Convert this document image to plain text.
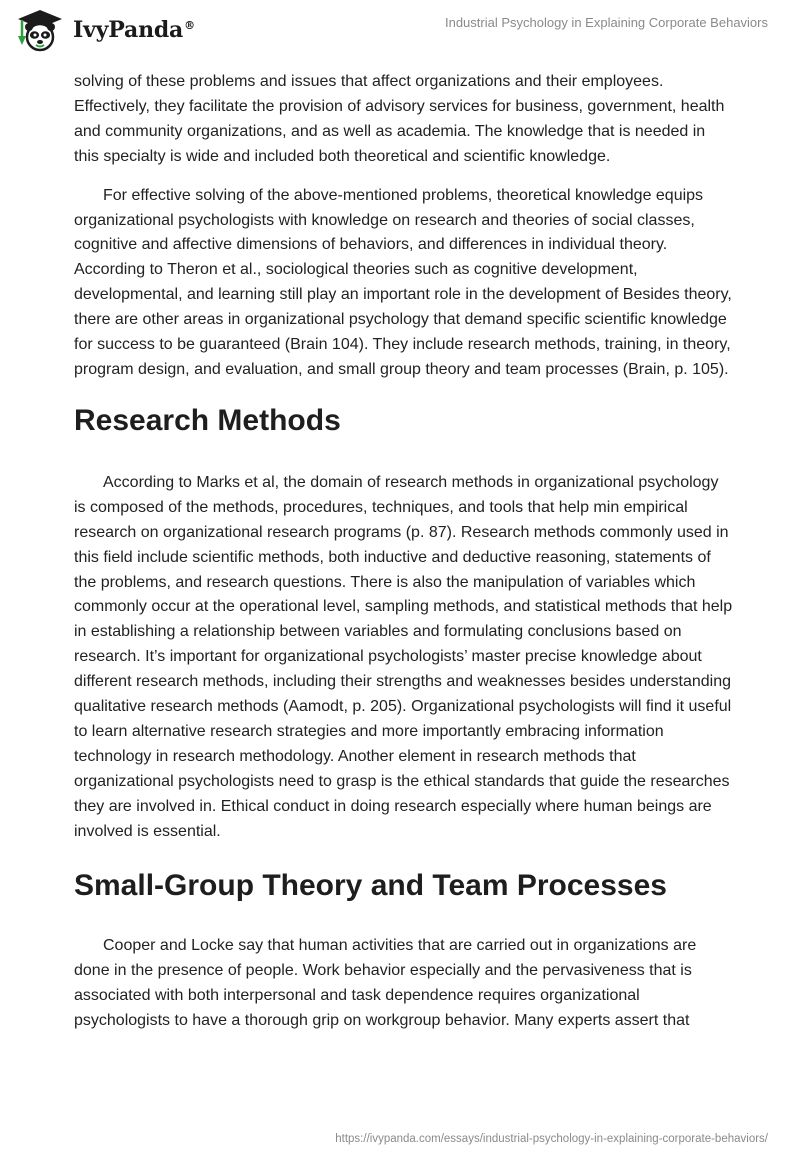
IvyPanda®	Industrial Psychology in Explaining Corporate Behaviors

solving of these problems and issues that affect organizations and their employees. Effectively, they facilitate the provision of advisory services for business, government, health and community organizations, and as well as academia. The knowledge that is needed in this specialty is wide and included both theoretical and scientific knowledge.

For effective solving of the above-mentioned problems, theoretical knowledge equips organizational psychologists with knowledge on research and theories of social classes, cognitive and affective dimensions of behaviors, and differences in individual theory. According to Theron et al., sociological theories such as cognitive development, developmental, and learning still play an important role in the development of Besides theory, there are other areas in organizational psychology that demand specific scientific knowledge for success to be guaranteed (Brain 104). They include research methods, training, in theory, program design, and evaluation, and small group theory and team processes (Brain, p. 105).

Research Methods

According to Marks et al, the domain of research methods in organizational psychology is composed of the methods, procedures, techniques, and tools that help min empirical research on organizational research programs (p. 87). Research methods commonly used in this field include scientific methods, both inductive and deductive reasoning, statements of the problems, and research questions. There is also the manipulation of variables which commonly occur at the operational level, sampling methods, and statistical methods that help in establishing a relationship between variables and formulating conclusions based on research. It’s important for organizational psychologists’ master precise knowledge about different research methods, including their strengths and weaknesses besides understanding qualitative research methods (Aamodt, p. 205). Organizational psychologists will find it useful to learn alternative research strategies and more importantly embracing information technology in research methodology. Another element in research methods that organizational psychologists need to grasp is the ethical standards that guide the researches they are involved in. Ethical conduct in doing research especially where human beings are involved is essential.

Small-Group Theory and Team Processes

Cooper and Locke say that human activities that are carried out in organizations are done in the presence of people. Work behavior especially and the pervasiveness that is associated with both interpersonal and task dependence requires organizational psychologists to have a thorough grip on workgroup behavior. Many experts assert that

https://ivypanda.com/essays/industrial-psychology-in-explaining-corporate-behaviors/
